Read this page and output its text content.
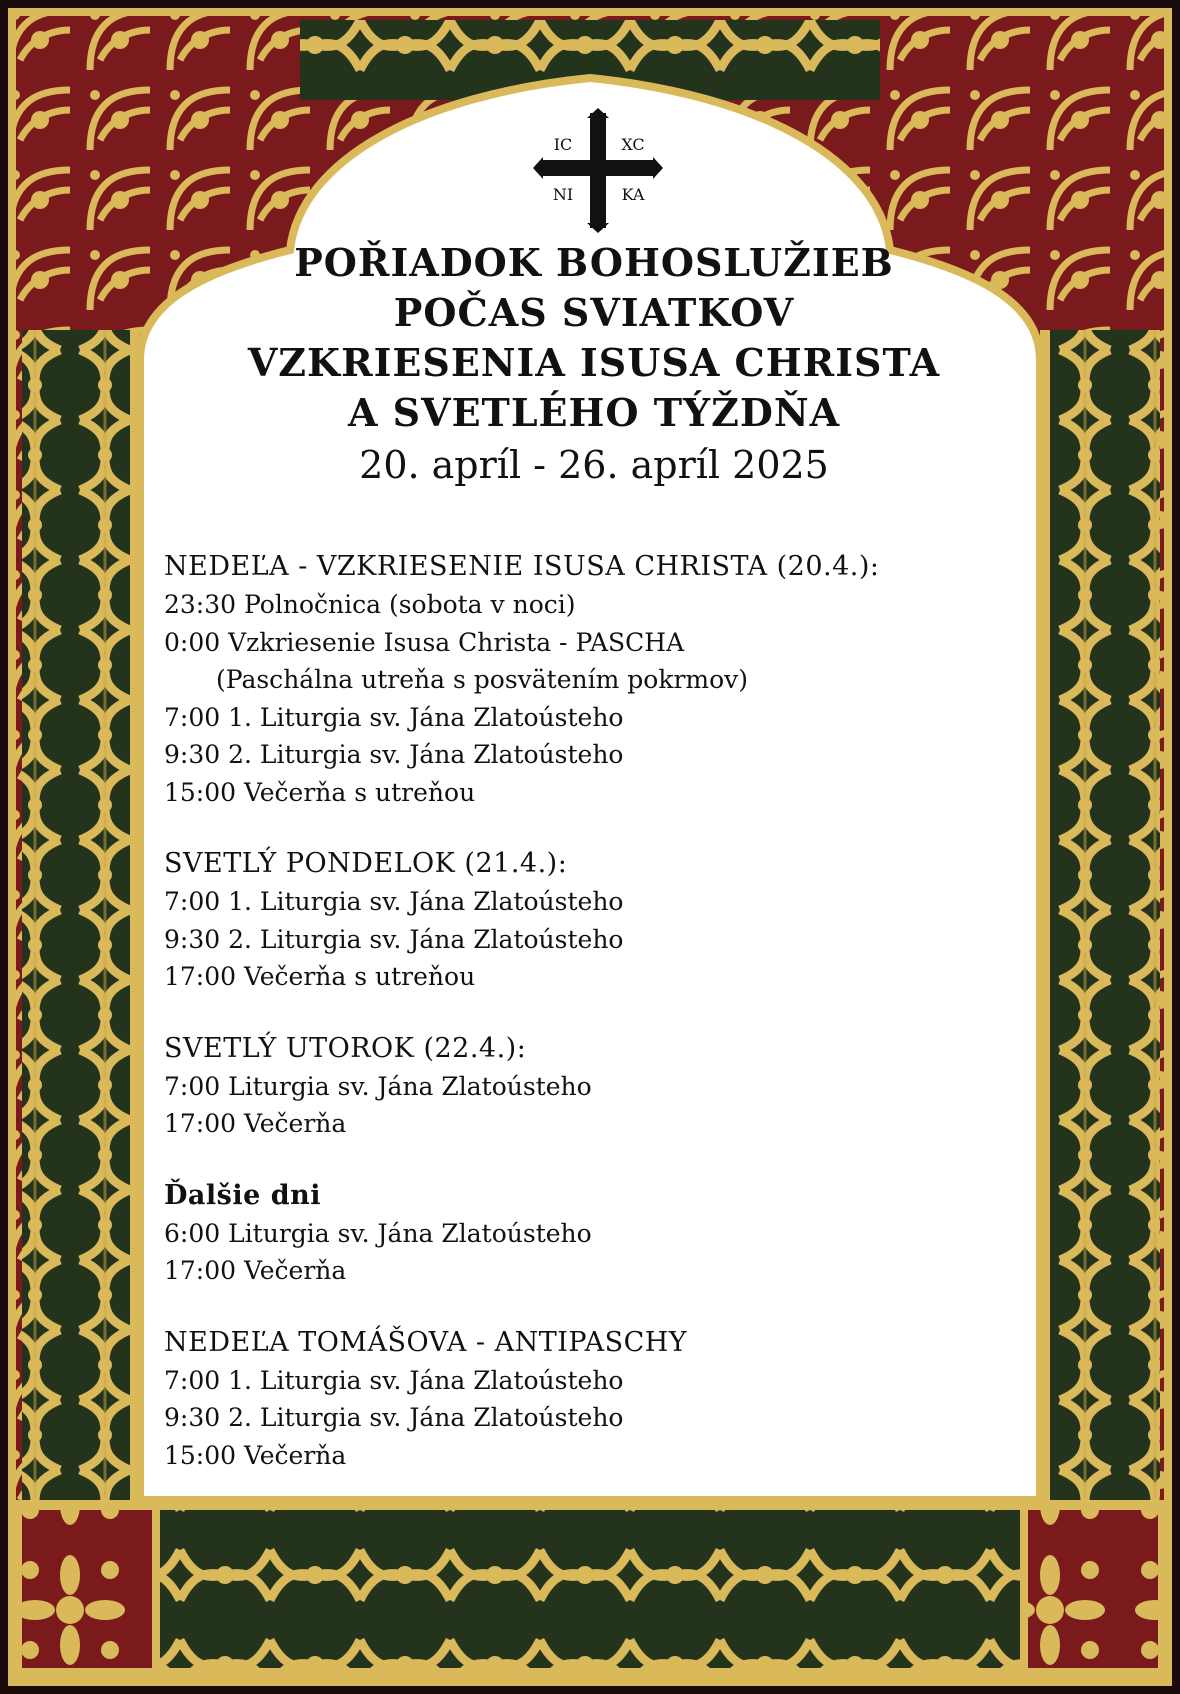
IC	XC
NI	KA
POŘIADOK BOHOSLUŽIEB
POČAS SVIATKOV
VZKRIESENIA ISUSA CHRISTA
A SVETLÉHO TÝŽDŇA
20. apríl - 26. apríl 2025
NEDEĽA - VZKRIESENIE ISUSA CHRISTA (20.4.):
23:30 Polnočnica (sobota v noci)
0:00 Vzkriesenie Isusa Christa - PASCHA
(Paschálna utreňa s posvätením pokrmov)
7:00 1. Liturgia sv. Jána Zlatoústeho
9:30 2. Liturgia sv. Jána Zlatoústeho
15:00 Večerňa s utreňou
SVETLÝ PONDELOK (21.4.):
7:00 1. Liturgia sv. Jána Zlatoústeho
9:30 2. Liturgia sv. Jána Zlatoústeho
17:00 Večerňa s utreňou
SVETLÝ UTOROK (22.4.):
7:00 Liturgia sv. Jána Zlatoústeho
17:00 Večerňa
Ďalšie dni
6:00 Liturgia sv. Jána Zlatoústeho
17:00 Večerňa
NEDEĽA TOMÁŠOVA - ANTIPASCHY
7:00 1. Liturgia sv. Jána Zlatoústeho
9:30 2. Liturgia sv. Jána Zlatoústeho
15:00 Večerňa
